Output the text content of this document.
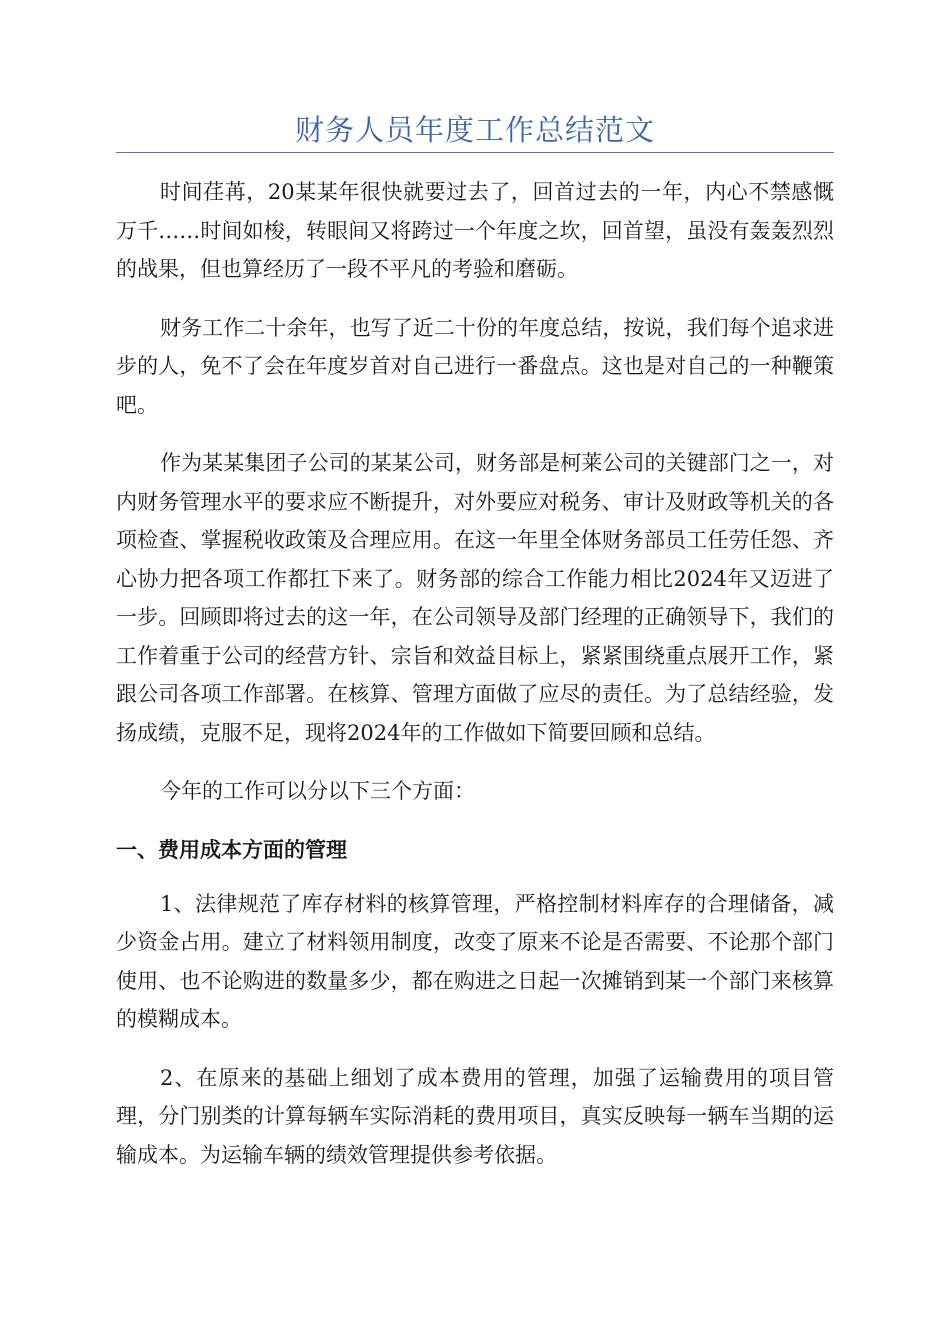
财务人员年度工作总结范文

时间荏苒，20某某年很快就要过去了，回首过去的一年，内心不禁感慨万千……时间如梭，转眼间又将跨过一个年度之坎，回首望，虽没有轰轰烈烈的战果，但也算经历了一段不平凡的考验和磨砺。

财务工作二十余年，也写了近二十份的年度总结，按说，我们每个追求进步的人，免不了会在年度岁首对自己进行一番盘点。这也是对自己的一种鞭策吧。

作为某某集团子公司的某某公司，财务部是柯莱公司的关键部门之一，对内财务管理水平的要求应不断提升，对外要应对税务、审计及财政等机关的各项检查、掌握税收政策及合理应用。在这一年里全体财务部员工任劳任怨、齐心协力把各项工作都扛下来了。财务部的综合工作能力相比2024年又迈进了一步。回顾即将过去的这一年，在公司领导及部门经理的正确领导下，我们的工作着重于公司的经营方针、宗旨和效益目标上，紧紧围绕重点展开工作，紧跟公司各项工作部署。在核算、管理方面做了应尽的责任。为了总结经验，发扬成绩，克服不足，现将2024年的工作做如下简要回顾和总结。

今年的工作可以分以下三个方面：

一、费用成本方面的管理

1、法律规范了库存材料的核算管理，严格控制材料库存的合理储备，减少资金占用。建立了材料领用制度，改变了原来不论是否需要、不论那个部门使用、也不论购进的数量多少，都在购进之日起一次摊销到某一个部门来核算的模糊成本。

2、在原来的基础上细划了成本费用的管理，加强了运输费用的项目管理，分门别类的计算每辆车实际消耗的费用项目，真实反映每一辆车当期的运输成本。为运输车辆的绩效管理提供参考依据。
